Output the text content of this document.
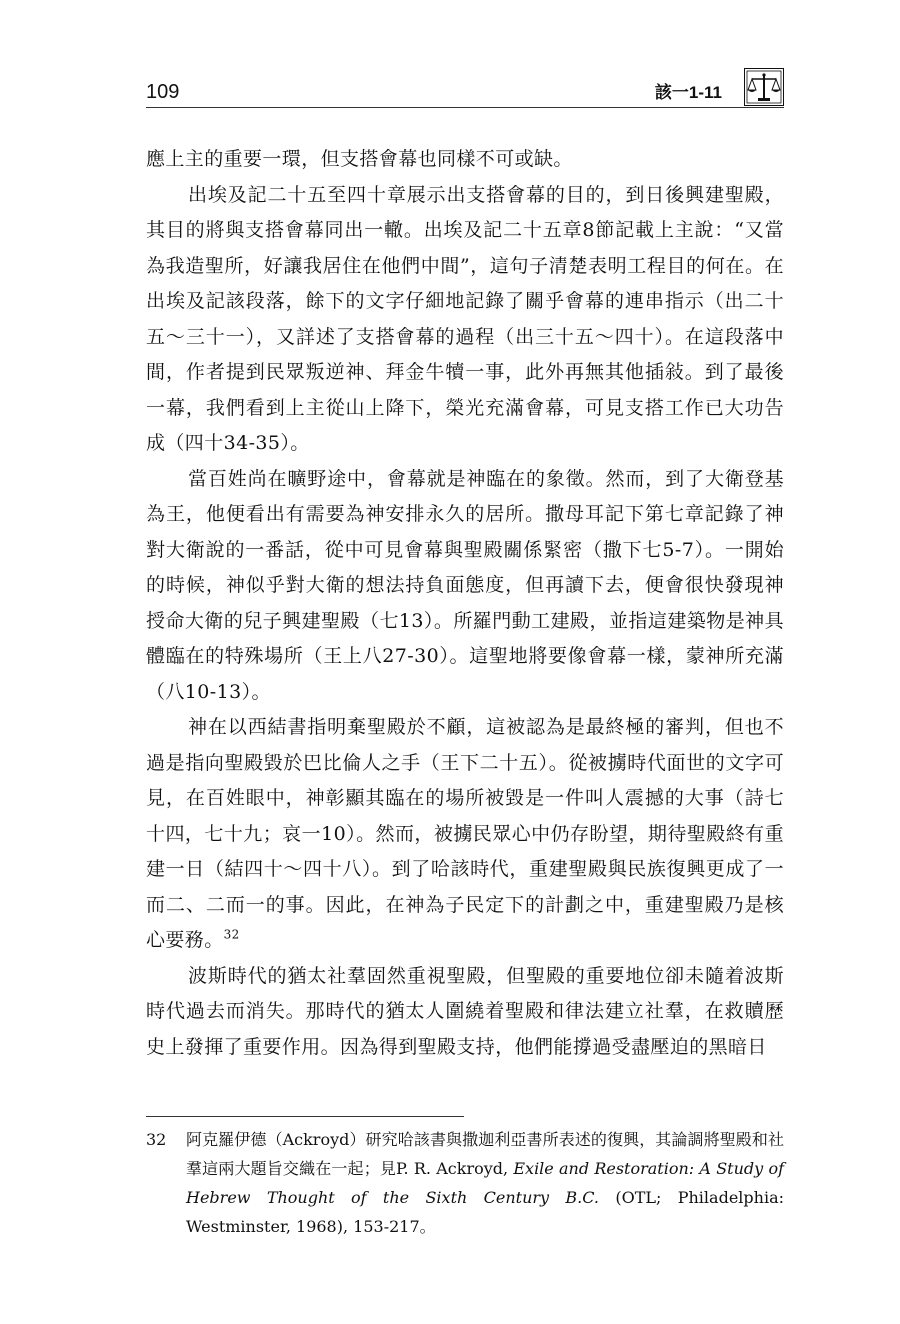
109	該一1-11

應上主的重要一環，但支搭會幕也同樣不可或缺。

出埃及記二十五至四十章展示出支搭會幕的目的，到日後興建聖殿，其目的將與支搭會幕同出一轍。出埃及記二十五章8節記載上主說：“又當為我造聖所，好讓我居住在他們中間”，這句子清楚表明工程目的何在。在出埃及記該段落，餘下的文字仔細地記錄了關乎會幕的連串指示（出二十五～三十一），又詳述了支搭會幕的過程（出三十五～四十）。在這段落中間，作者提到民眾叛逆神、拜金牛犢一事，此外再無其他插敍。到了最後一幕，我們看到上主從山上降下，榮光充滿會幕，可見支搭工作已大功告成（四十34-35）。

當百姓尚在曠野途中，會幕就是神臨在的象徵。然而，到了大衛登基為王，他便看出有需要為神安排永久的居所。撒母耳記下第七章記錄了神對大衛說的一番話，從中可見會幕與聖殿關係緊密（撒下七5-7）。一開始的時候，神似乎對大衛的想法持負面態度，但再讀下去，便會很快發現神授命大衛的兒子興建聖殿（七13）。所羅門動工建殿，並指這建築物是神具體臨在的特殊場所（王上八27-30）。這聖地將要像會幕一樣，蒙神所充滿（八10-13）。

神在以西結書指明棄聖殿於不顧，這被認為是最終極的審判，但也不過是指向聖殿毀於巴比倫人之手（王下二十五）。從被擄時代面世的文字可見，在百姓眼中，神彰顯其臨在的場所被毀是一件叫人震撼的大事（詩七十四，七十九；哀一10）。然而，被擄民眾心中仍存盼望，期待聖殿終有重建一日（結四十～四十八）。到了哈該時代，重建聖殿與民族復興更成了一而二、二而一的事。因此，在神為子民定下的計劃之中，重建聖殿乃是核心要務。$^{32}$

波斯時代的猶太社羣固然重視聖殿，但聖殿的重要地位卻未隨着波斯時代過去而消失。那時代的猶太人圍繞着聖殿和律法建立社羣，在救贖歷史上發揮了重要作用。因為得到聖殿支持，他們能撐過受盡壓迫的黑暗日

32 阿克羅伊德（Ackroyd）研究哈該書與撒迦利亞書所表述的復興，其論調將聖殿和社羣這兩大題旨交織在一起；見P. R. Ackroyd, Exile and Restoration: A Study of Hebrew Thought of the Sixth Century B.C. (OTL; Philadelphia: Westminster, 1968), 153-217。
